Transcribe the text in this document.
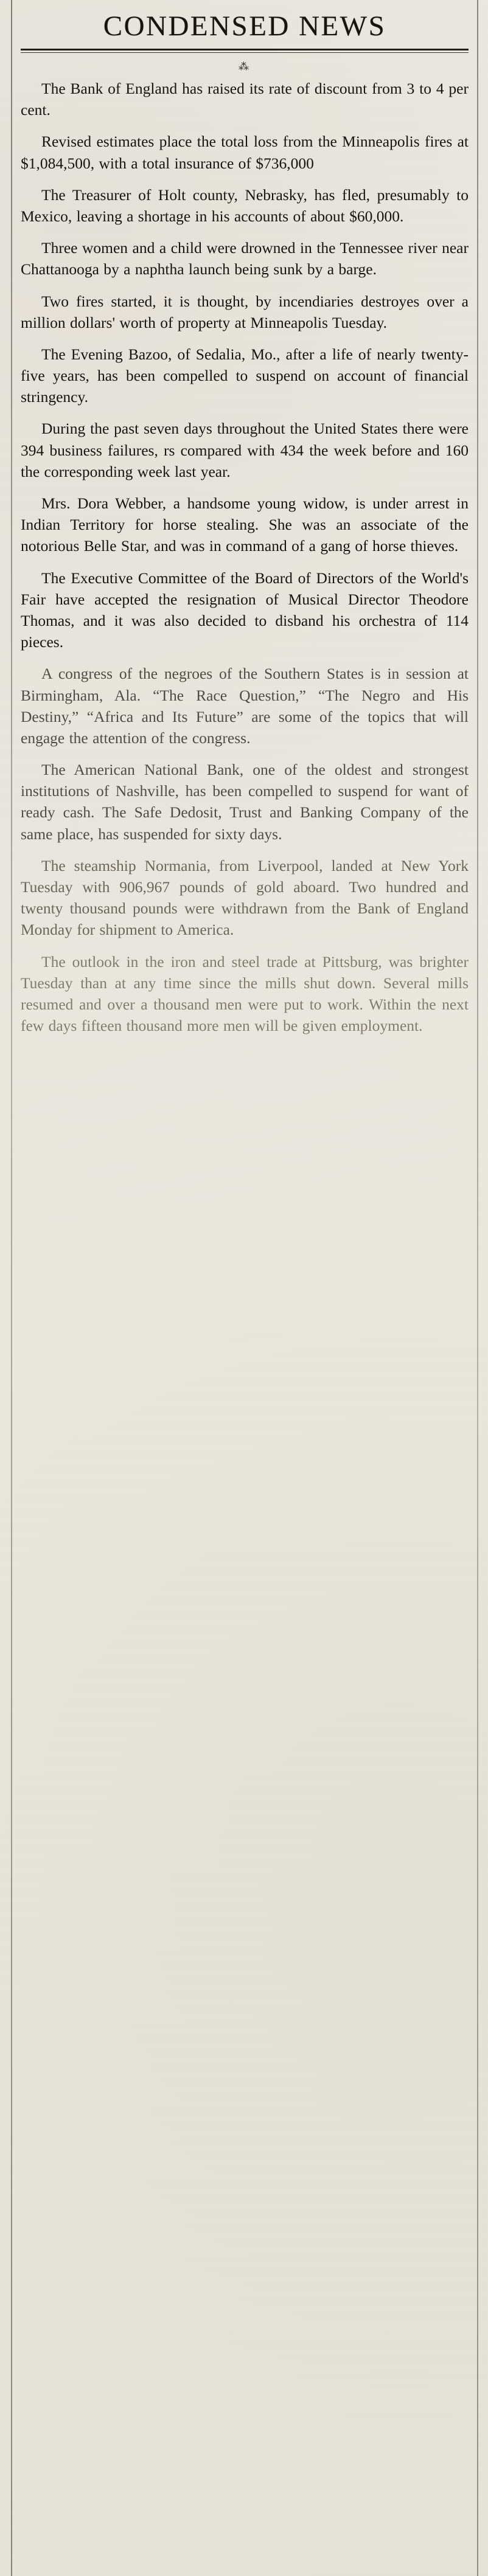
CONDENSED NEWS
⁂

The Bank of England has raised its rate of discount from 3 to 4 per cent.

Revised estimates place the total loss from the Minneapolis fires at $1,084,500, with a total insurance of $736,000

The Treasurer of Holt county, Nebrasky, has fled, presumably to Mexico, leaving a shortage in his accounts of about $60,000.

Three women and a child were drowned in the Tennessee river near Chattanooga by a naphtha launch being sunk by a barge.

Two fires started, it is thought, by incendiaries destroyes over a million dollars' worth of property at Minneapolis Tuesday.

The Evening Bazoo, of Sedalia, Mo., after a life of nearly twenty-five years, has been compelled to suspend on account of financial stringency.

During the past seven days throughout the United States there were 394 business failures, rs compared with 434 the week before and 160 the corresponding week last year.

Mrs. Dora Webber, a handsome young widow, is under arrest in Indian Territory for horse stealing. She was an associate of the notorious Belle Star, and was in command of a gang of horse thieves.

The Executive Committee of the Board of Directors of the World's Fair have accepted the resignation of Musical Director Theodore Thomas, and it was also decided to disband his orchestra of 114 pieces.

A congress of the negroes of the Southern States is in session at Birmingham, Ala. “The Race Question,” “The Negro and His Destiny,” “Africa and Its Future” are some of the topics that will engage the attention of the congress.

The American National Bank, one of the oldest and strongest institutions of Nashville, has been compelled to suspend for want of ready cash. The Safe Dedosit, Trust and Banking Company of the same place, has suspended for sixty days.

The steamship Normania, from Liverpool, landed at New York Tuesday with 906,967 pounds of gold aboard. Two hundred and twenty thousand pounds were withdrawn from the Bank of England Monday for shipment to America.

The outlook in the iron and steel trade at Pittsburg, was brighter Tuesday than at any time since the mills shut down. Several mills resumed and over a thousand men were put to work. Within the next few days fifteen thousand more men will be given employment.
